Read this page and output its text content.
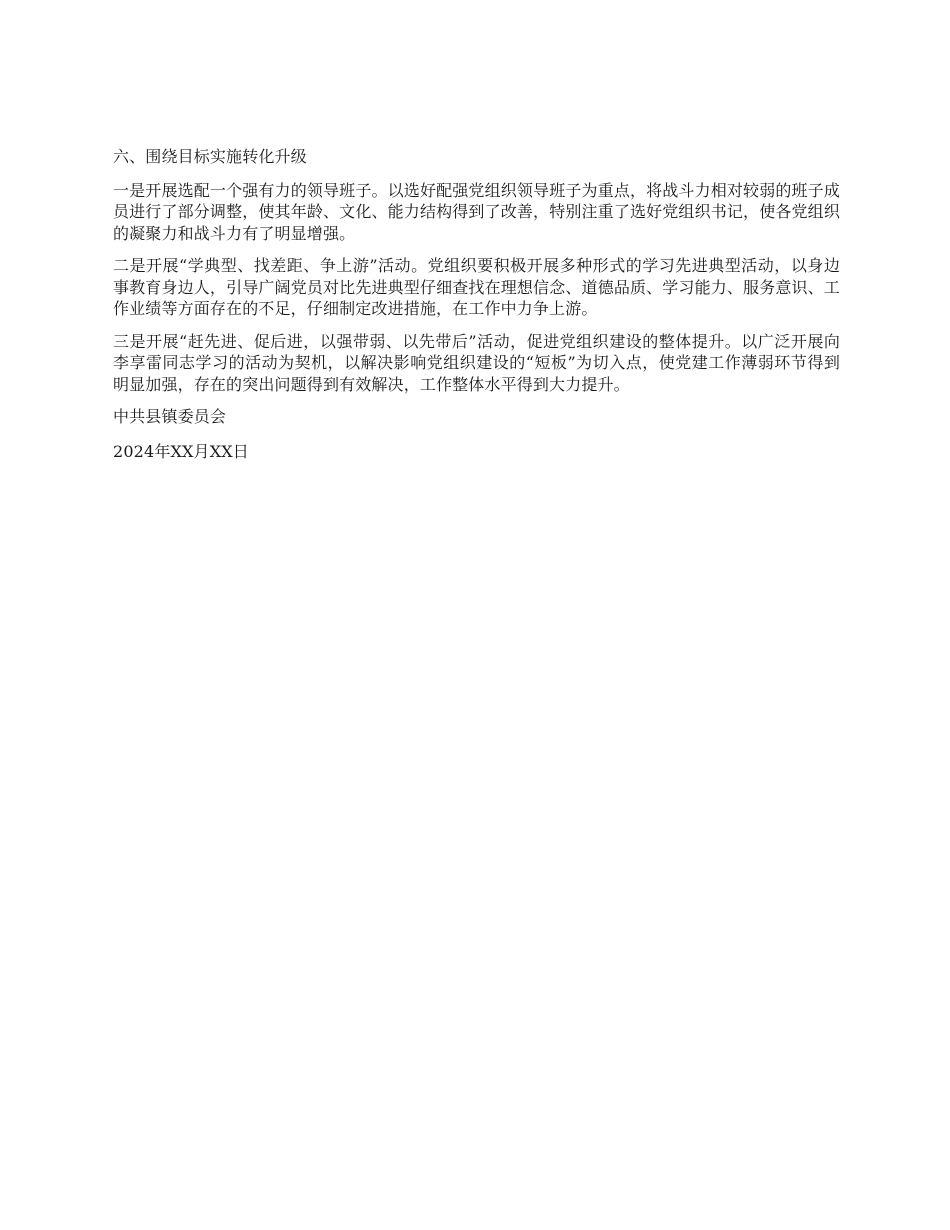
六、围绕目标实施转化升级

一是开展选配一个强有力的领导班子。以选好配强党组织领导班子为重点，将战斗力相对较弱的班子成员进行了部分调整，使其年龄、文化、能力结构得到了改善，特别注重了选好党组织书记，使各党组织的凝聚力和战斗力有了明显增强。

二是开展“学典型、找差距、争上游”活动。党组织要积极开展多种形式的学习先进典型活动，以身边事教育身边人，引导广阔党员对比先进典型仔细查找在理想信念、道德品质、学习能力、服务意识、工作业绩等方面存在的不足，仔细制定改进措施，在工作中力争上游。

三是开展“赶先进、促后进，以强带弱、以先带后”活动，促进党组织建设的整体提升。以广泛开展向李享雷同志学习的活动为契机，以解决影响党组织建设的“短板”为切入点，使党建工作薄弱环节得到明显加强，存在的突出问题得到有效解决，工作整体水平得到大力提升。

中共县镇委员会

2024年XX月XX日
